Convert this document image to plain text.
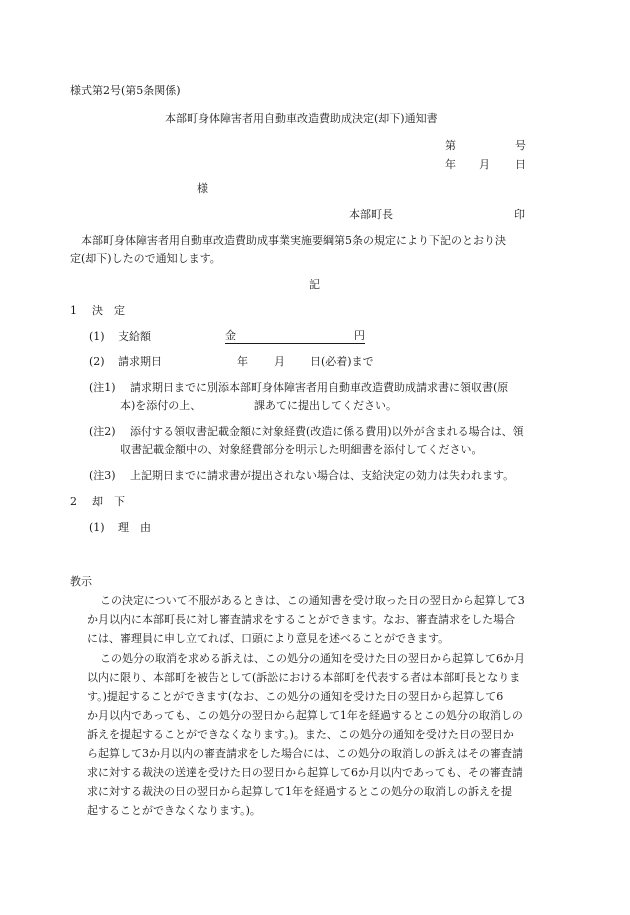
様式第2号(第5条関係)
本部町身体障害者用自動車改造費助成決定(却下)通知書
第	号
年 月 日
様
本部町長	印
本部町身体障害者用自動車改造費助成事業実施要綱第5条の規定により下記のとおり決
定(却下)したので通知します。
記
1 決　定
(1) 支給額	金	円
(2) 請求期日	年 月 日(必着)まで
(注1) 請求期日までに別添本部町身体障害者用自動車改造費助成請求書に領収書(原
本)を添付の上、	課あてに提出してください。
(注2) 添付する領収書記載金額に対象経費(改造に係る費用)以外が含まれる場合は、領
収書記載金額中の、対象経費部分を明示した明細書を添付してください。
(注3) 上記期日までに請求書が提出されない場合は、支給決定の効力は失われます。
2 却　下
(1) 理　由
教示
この決定について不服があるときは、この通知書を受け取った日の翌日から起算して3
か月以内に本部町長に対し審査請求をすることができます。なお、審査請求をした場合
には、審理員に申し立てれば、口頭により意見を述べることができます。
この処分の取消を求める訴えは、この処分の通知を受けた日の翌日から起算して6か月
以内に限り、本部町を被告として(訴訟における本部町を代表する者は本部町長となりま
す。)提起することができます(なお、この処分の通知を受けた日の翌日から起算して6
か月以内であっても、この処分の翌日から起算して1年を経過するとこの処分の取消しの
訴えを提起することができなくなります。)。また、この処分の通知を受けた日の翌日か
ら起算して3か月以内の審査請求をした場合には、この処分の取消しの訴えはその審査請
求に対する裁決の送達を受けた日の翌日から起算して6か月以内であっても、その審査請
求に対する裁決の日の翌日から起算して1年を経過するとこの処分の取消しの訴えを提
起することができなくなります。)。
